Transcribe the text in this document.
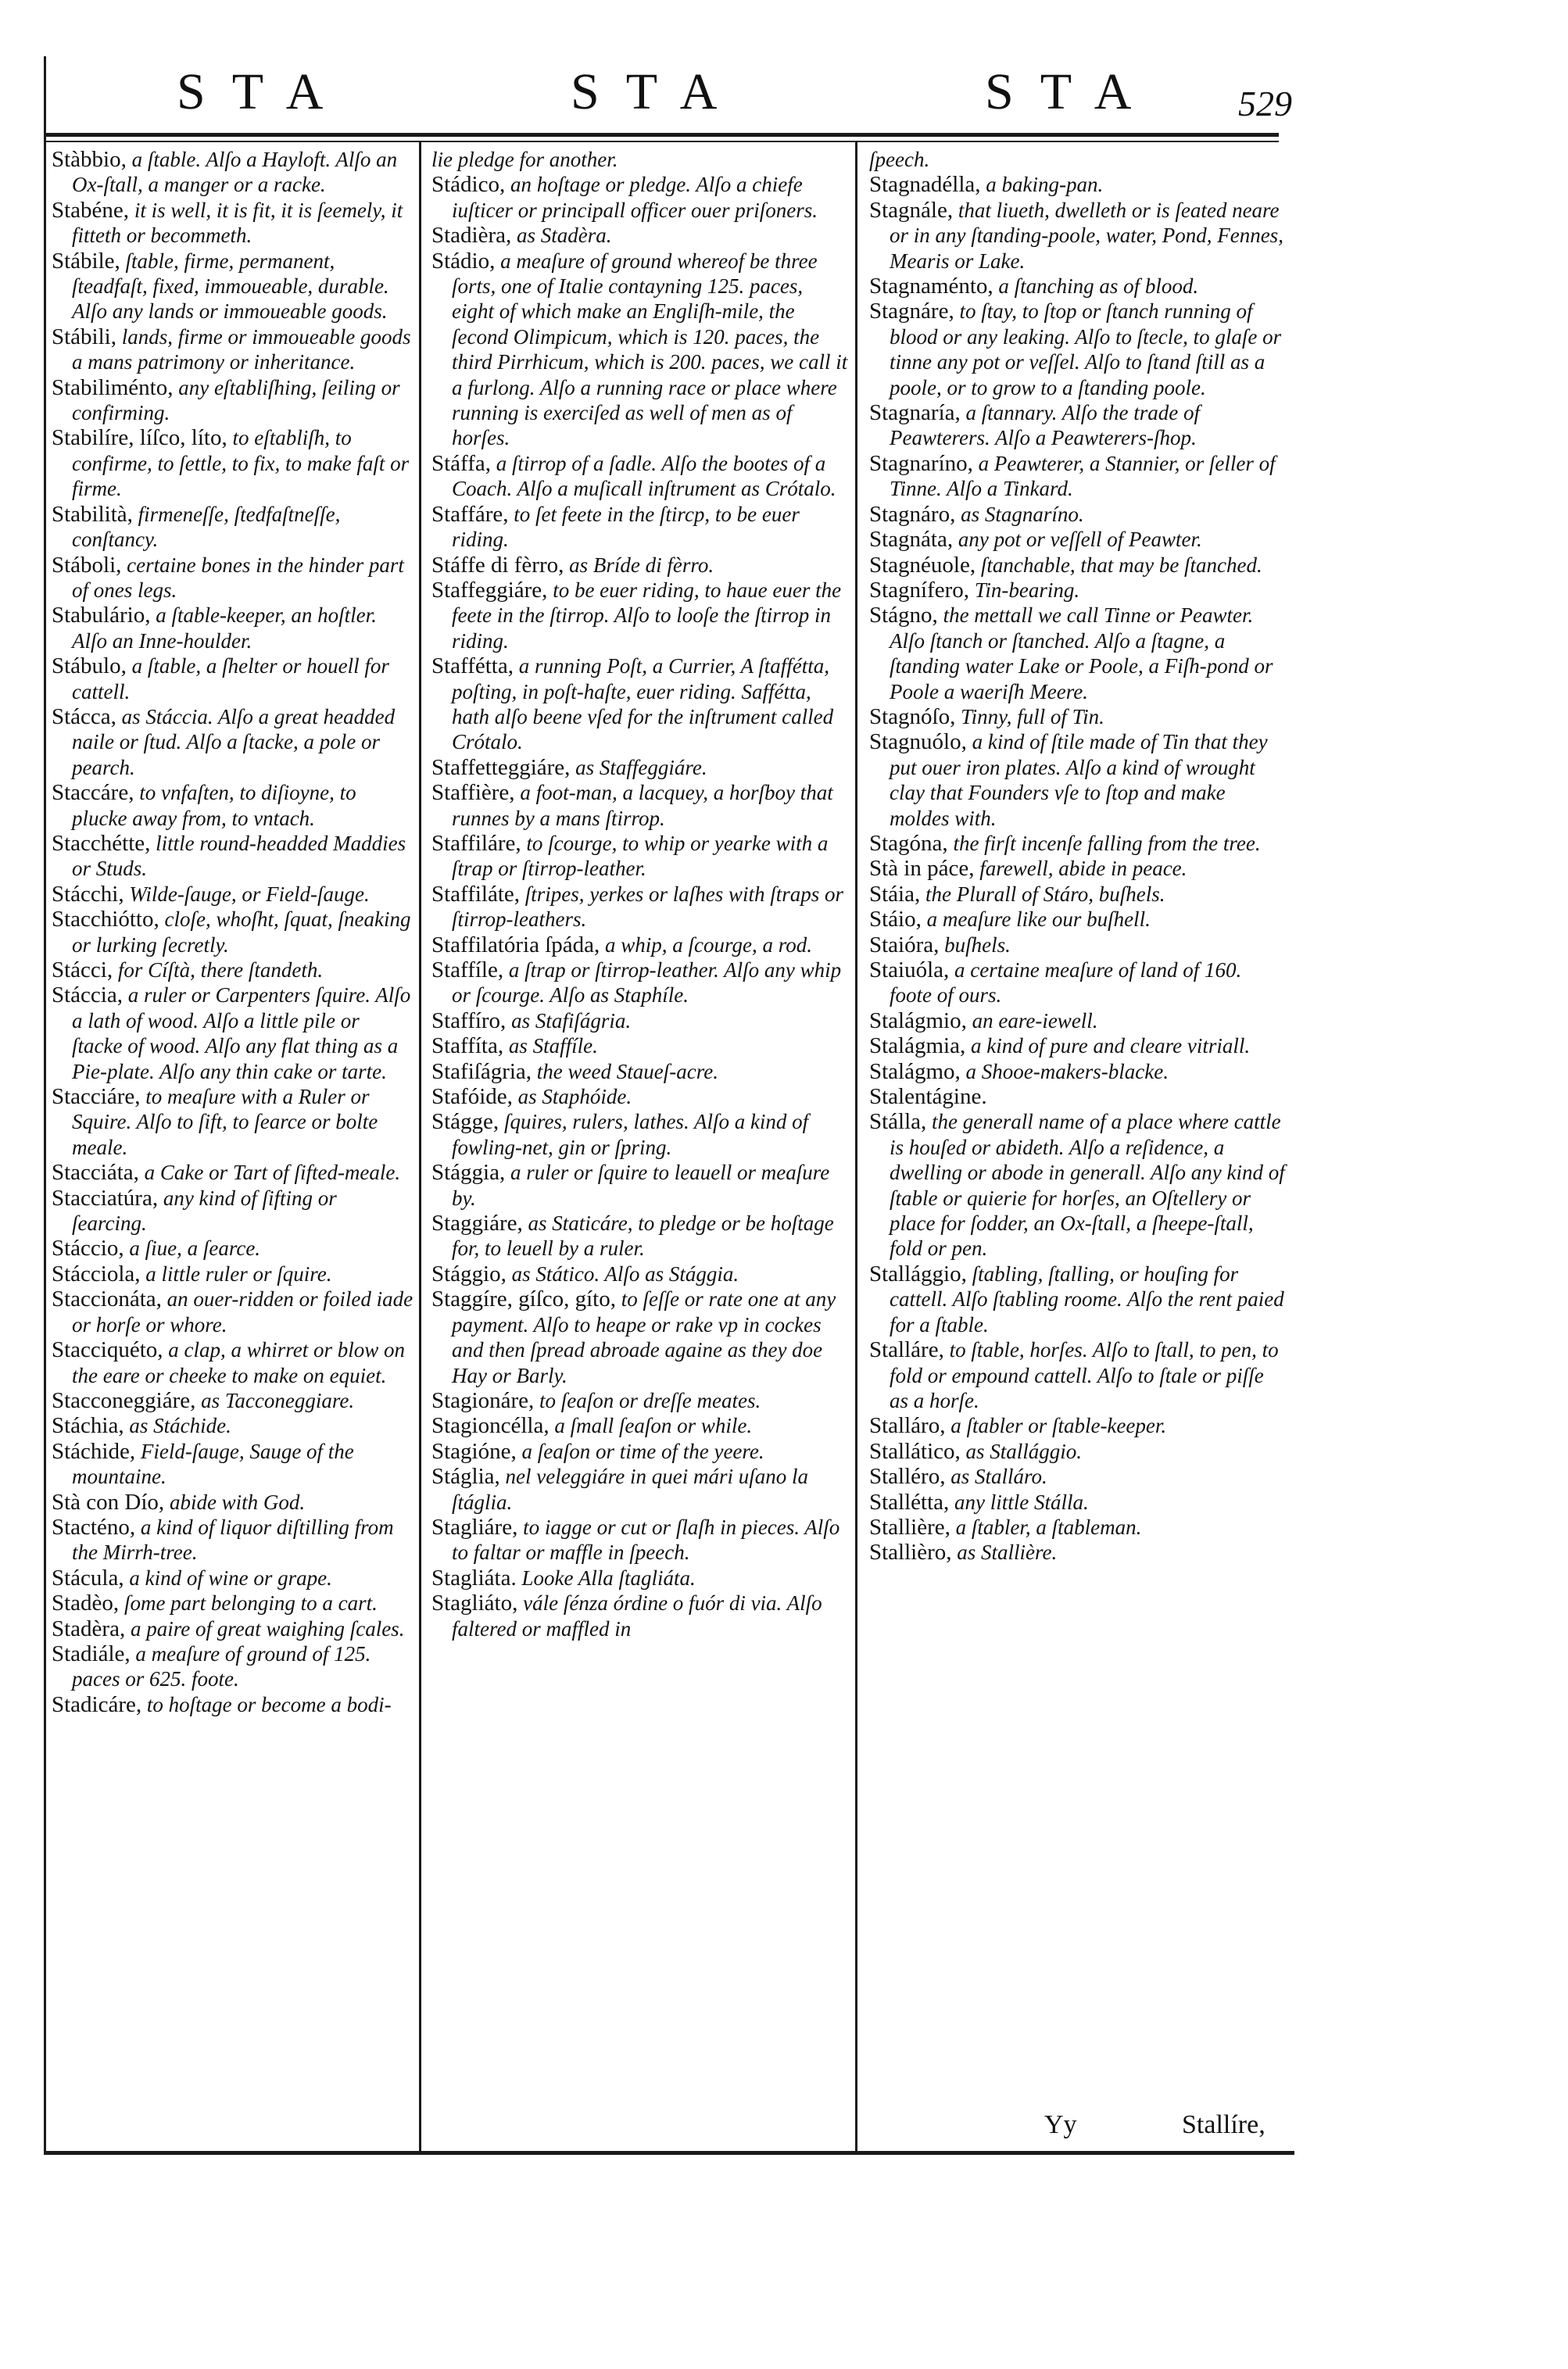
STA	STA	STA 529
Stàbbio, a ſtable. Alſo a Hayloft. Alſo an Ox-ſtall, a manger or a racke.
Stabéne, it is well, it is fit, it is ſeemely, it fitteth or becommeth.
Stábile, ſtable, firme, permanent, ſteadfaſt, fixed, immoueable, durable. Alſo any lands or immoueable goods.
Stábili, lands, firme or immoueable goods a mans patrimony or inheritance.
Stabiliménto, any eſtabliſhing, ſeiling or confirming.
Stabilíre, líſco, líto, to eſtabliſh, to confirme, to ſettle, to fix, to make faſt or firme.
Stabilità, firmeneſſe, ſtedfaſtneſſe, conſtancy.
Stáboli, certaine bones in the hinder part of ones legs.
Stabulário, a ſtable-keeper, an hoſtler. Alſo an Inne-houlder.
Stábulo, a ſtable, a ſhelter or houell for cattell.
Stácca, as Stáccia. Alſo a great headded naile or ſtud. Alſo a ſtacke, a pole or pearch.
Staccáre, to vnfaſten, to diſioyne, to plucke away from, to vntach.
Stacchétte, little round-headded Maddies or Studs.
Stácchi, Wilde-ſauge, or Field-ſauge.
Stacchiótto, cloſe, whoſht, ſquat, ſneaking or lurking ſecretly.
Stácci, for Cíſtà, there ſtandeth.
Stáccia, a ruler or Carpenters ſquire. Alſo a lath of wood. Alſo a little pile or ſtacke of wood. Alſo any flat thing as a Pie-plate. Alſo any thin cake or tarte.
Stacciáre, to meaſure with a Ruler or Squire. Alſo to ſift, to ſearce or bolte meale.
Stacciáta, a Cake or Tart of ſifted-meale.
Stacciatúra, any kind of ſifting or ſearcing.
Stáccio, a ſiue, a ſearce.
Stácciola, a little ruler or ſquire.
Staccionáta, an ouer-ridden or foiled iade or horſe or whore.
Stacciquéto, a clap, a whirret or blow on the eare or cheeke to make on equiet.
Stacconeggiáre, as Tacconeggiare.
Stáchia, as Stáchide.
Stáchide, Field-ſauge, Sauge of the mountaine.
Stà con Dío, abide with God.
Stacténo, a kind of liquor diſtilling from the Mirrh-tree.
Stácula, a kind of wine or grape.
Stadèo, ſome part belonging to a cart.
Stadèra, a paire of great waighing ſcales.
Stadiále, a meaſure of ground of 125. paces or 625. foote.
Stadicáre, to hoſtage or become a bodi-
lie pledge for another.
Stádico, an hoſtage or pledge. Alſo a chiefe iuſticer or principall officer ouer priſoners.
Stadièra, as Stadèra.
Stádio, a meaſure of ground whereof be three ſorts, one of Italie contayning 125. paces, eight of which make an Engliſh-mile, the ſecond Olimpicum, which is 120. paces, the third Pirrhicum, which is 200. paces, we call it a furlong. Alſo a running race or place where running is exerciſed as well of men as of horſes.
Stáffa, a ſtirrop of a ſadle. Alſo the bootes of a Coach. Alſo a muſicall inſtrument as Crótalo.
Staffáre, to ſet feete in the ſtircp, to be euer riding.
Stáffe di fèrro, as Bríde di fèrro.
Staffeggiáre, to be euer riding, to haue euer the feete in the ſtirrop. Alſo to looſe the ſtirrop in riding.
Staffétta, a running Poſt, a Currier, A ſtaffétta, poſting, in poſt-haſte, euer riding. Saffétta, hath alſo beene vſed for the inſtrument called Crótalo.
Staffetteggiáre, as Staffeggiáre.
Staffière, a foot-man, a lacquey, a horſboy that runnes by a mans ſtirrop.
Staffiláre, to ſcourge, to whip or yearke with a ſtrap or ſtirrop-leather.
Staffiláte, ſtripes, yerkes or laſhes with ſtraps or ſtirrop-leathers.
Staffilatória ſpáda, a whip, a ſcourge, a rod.
Staffíle, a ſtrap or ſtirrop-leather. Alſo any whip or ſcourge. Alſo as Staphíle.
Staffíro, as Stafiſágria.
Staffíta, as Staffíle.
Stafiſágria, the weed Staueſ-acre.
Stafóide, as Staphóide.
Stágge, ſquires, rulers, lathes. Alſo a kind of fowling-net, gin or ſpring.
Stággia, a ruler or ſquire to leauell or meaſure by.
Staggiáre, as Staticáre, to pledge or be hoſtage for, to leuell by a ruler.
Stággio, as Stático. Alſo as Stággia.
Staggíre, gíſco, gíto, to ſeſſe or rate one at any payment. Alſo to heape or rake vp in cockes and then ſpread abroade againe as they doe Hay or Barly.
Stagionáre, to ſeaſon or dreſſe meates.
Stagioncélla, a ſmall ſeaſon or while.
Stagióne, a ſeaſon or time of the yeere.
Stáglia, nel veleggiáre in quei mári uſano la ſtáglia.
Stagliáre, to iagge or cut or ſlaſh in pieces. Alſo to faltar or maffle in ſpeech.
Stagliáta. Looke Alla ſtagliáta.
Stagliáto, vále ſénza órdine o fuór di via. Alſo faltered or maffled in
ſpeech.
Stagnadélla, a baking-pan.
Stagnále, that liueth, dwelleth or is ſeated neare or in any ſtanding-poole, water, Pond, Fennes, Mearis or Lake.
Stagnaménto, a ſtanching as of blood.
Stagnáre, to ſtay, to ſtop or ſtanch running of blood or any leaking. Alſo to ſtecle, to glaſe or tinne any pot or veſſel. Alſo to ſtand ſtill as a poole, or to grow to a ſtanding poole.
Stagnaría, a ſtannary. Alſo the trade of Peawterers. Alſo a Peawterers-ſhop.
Stagnaríno, a Peawterer, a Stannier, or ſeller of Tinne. Alſo a Tinkard.
Stagnáro, as Stagnaríno.
Stagnáta, any pot or veſſell of Peawter.
Stagnéuole, ſtanchable, that may be ſtanched.
Stagnífero, Tin-bearing.
Stágno, the mettall we call Tinne or Peawter. Alſo ſtanch or ſtanched. Alſo a ſtagne, a ſtanding water Lake or Poole, a Fiſh-pond or Poole a waeriſh Meere.
Stagnóſo, Tinny, full of Tin.
Stagnuólo, a kind of ſtile made of Tin that they put ouer iron plates. Alſo a kind of wrought clay that Founders vſe to ſtop and make moldes with.
Stagóna, the firſt incenſe falling from the tree.
Stà in páce, farewell, abide in peace.
Stáia, the Plurall of Stáro, buſhels.
Stáio, a meaſure like our buſhell.
Staióra, buſhels.
Staiuóla, a certaine meaſure of land of 160. foote of ours.
Stalágmio, an eare-iewell.
Stalágmia, a kind of pure and cleare vitriall.
Stalágmo, a Shooe-makers-blacke.
Stalentágine.
Stálla, the generall name of a place where cattle is houſed or abideth. Alſo a reſidence, a dwelling or abode in generall. Alſo any kind of ſtable or quierie for horſes, an Oſtellery or place for ſodder, an Ox-ſtall, a ſheepe-ſtall, fold or pen.
Stallággio, ſtabling, ſtalling, or houſing for cattell. Alſo ſtabling roome. Alſo the rent paied for a ſtable.
Stalláre, to ſtable, horſes. Alſo to ſtall, to pen, to fold or empound cattell. Alſo to ſtale or piſſe as a horſe.
Stalláro, a ſtabler or ſtable-keeper.
Stallático, as Stallággio.
Stalléro, as Stalláro.
Stallétta, any little Stálla.
Stallière, a ſtabler, a ſtableman.
Stallièro, as Stallière.
Yy	Stallíre,
